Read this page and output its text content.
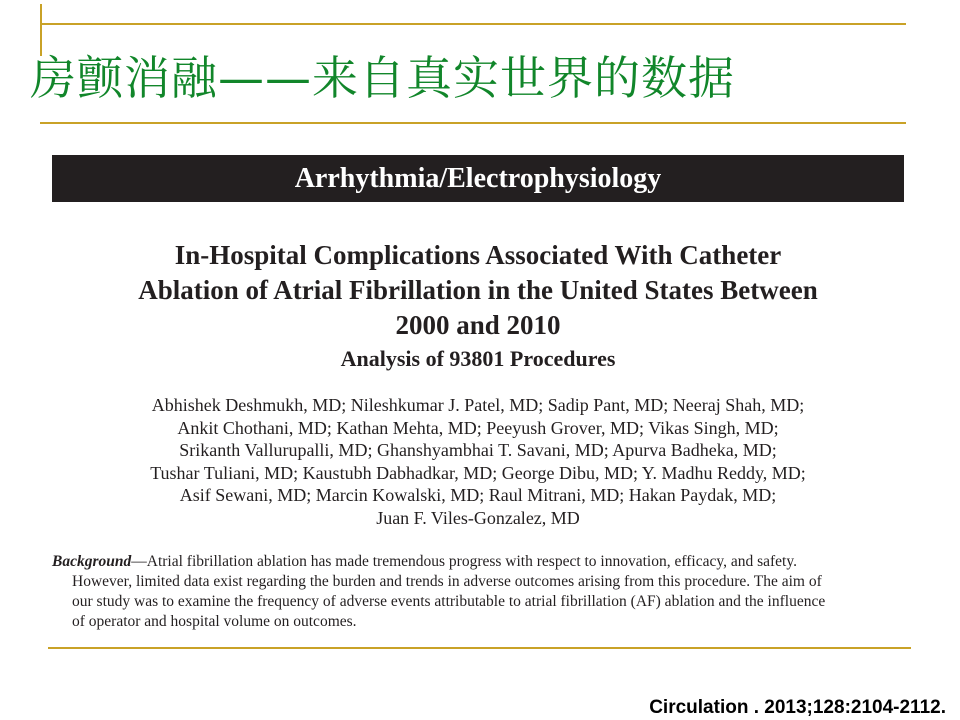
房颤消融——来自真实世界的数据
Arrhythmia/Electrophysiology
In-Hospital Complications Associated With Catheter
Ablation of Atrial Fibrillation in the United States Between
2000 and 2010
Analysis of 93801 Procedures
Abhishek Deshmukh, MD; Nileshkumar J. Patel, MD; Sadip Pant, MD; Neeraj Shah, MD;
Ankit Chothani, MD; Kathan Mehta, MD; Peeyush Grover, MD; Vikas Singh, MD;
Srikanth Vallurupalli, MD; Ghanshyambhai T. Savani, MD; Apurva Badheka, MD;
Tushar Tuliani, MD; Kaustubh Dabhadkar, MD; George Dibu, MD; Y. Madhu Reddy, MD;
Asif Sewani, MD; Marcin Kowalski, MD; Raul Mitrani, MD; Hakan Paydak, MD;
Juan F. Viles-Gonzalez, MD
Background—Atrial fibrillation ablation has made tremendous progress with respect to innovation, efficacy, and safety.
However, limited data exist regarding the burden and trends in adverse outcomes arising from this procedure. The aim of
our study was to examine the frequency of adverse events attributable to atrial fibrillation (AF) ablation and the influence
of operator and hospital volume on outcomes.

Circulation . 2013;128:2104-2112.
